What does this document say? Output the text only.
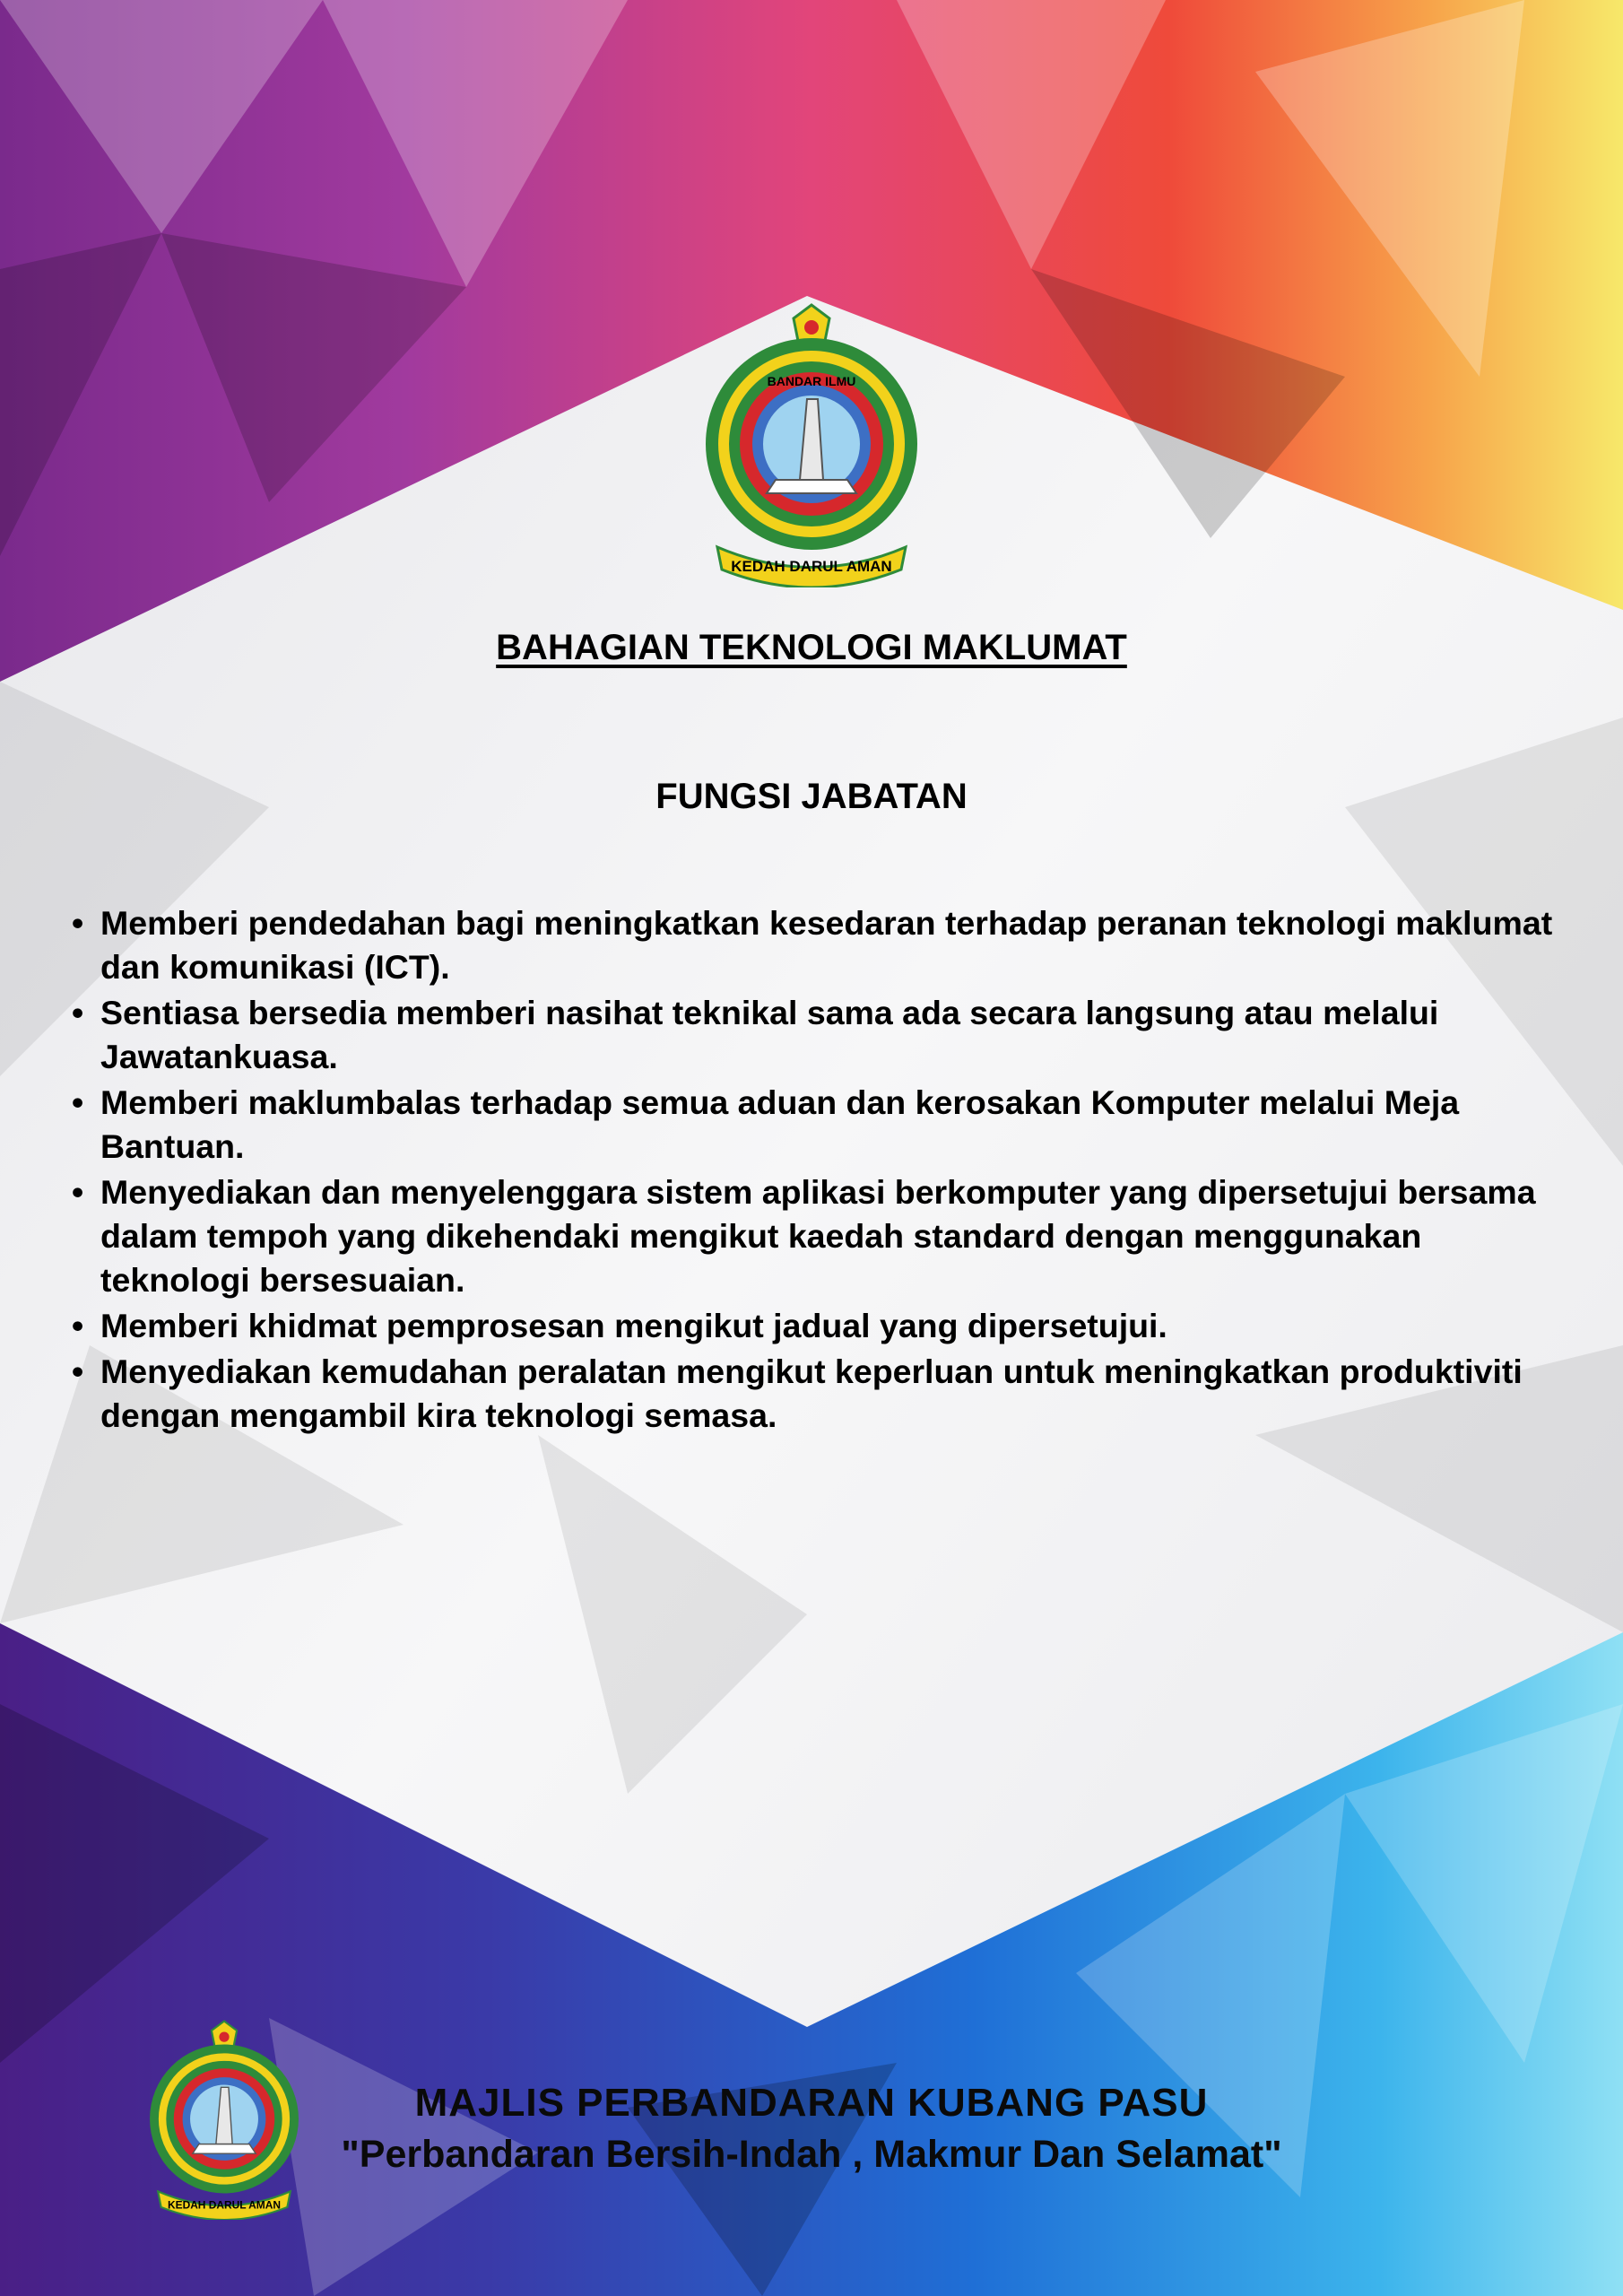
BANDAR ILMU
KEDAH DARUL AMAN
BAHAGIAN TEKNOLOGI MAKLUMAT
FUNGSI JABATAN
• Memberi pendedahan bagi meningkatkan kesedaran terhadap peranan teknologi maklumat dan komunikasi (ICT).
• Sentiasa bersedia memberi nasihat teknikal sama ada secara langsung atau melalui Jawatankuasa.
• Memberi maklumbalas terhadap semua aduan dan kerosakan Komputer melalui Meja Bantuan.
• Menyediakan dan menyelenggara sistem aplikasi berkomputer yang dipersetujui bersama dalam tempoh yang dikehendaki mengikut kaedah standard dengan menggunakan teknologi bersesuaian.
• Memberi khidmat pemprosesan mengikut jadual yang dipersetujui.
• Menyediakan kemudahan peralatan mengikut keperluan untuk meningkatkan produktiviti dengan mengambil kira teknologi semasa.
KEDAH DARUL AMAN
MAJLIS PERBANDARAN KUBANG PASU
"Perbandaran Bersih-Indah , Makmur Dan Selamat"
